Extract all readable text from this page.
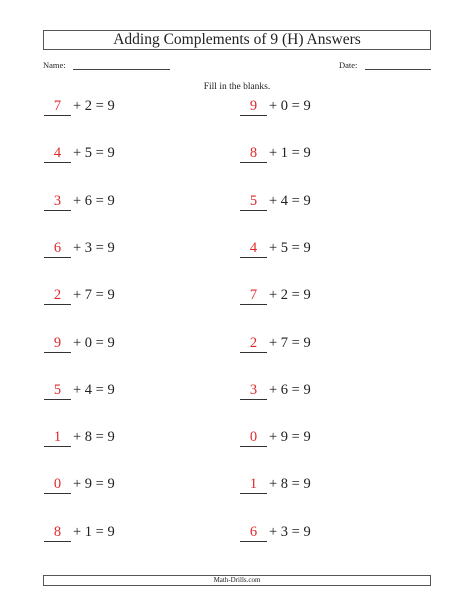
Adding Complements of 9 (H) Answers
Name:	Date:
Fill in the blanks.
7 + 2 = 9
4 + 5 = 9
3 + 6 = 9
6 + 3 = 9
2 + 7 = 9
9 + 0 = 9
5 + 4 = 9
1 + 8 = 9
0 + 9 = 9
8 + 1 = 9
9 + 0 = 9
8 + 1 = 9
5 + 4 = 9
4 + 5 = 9
7 + 2 = 9
2 + 7 = 9
3 + 6 = 9
0 + 9 = 9
1 + 8 = 9
6 + 3 = 9
Math-Drills.com
